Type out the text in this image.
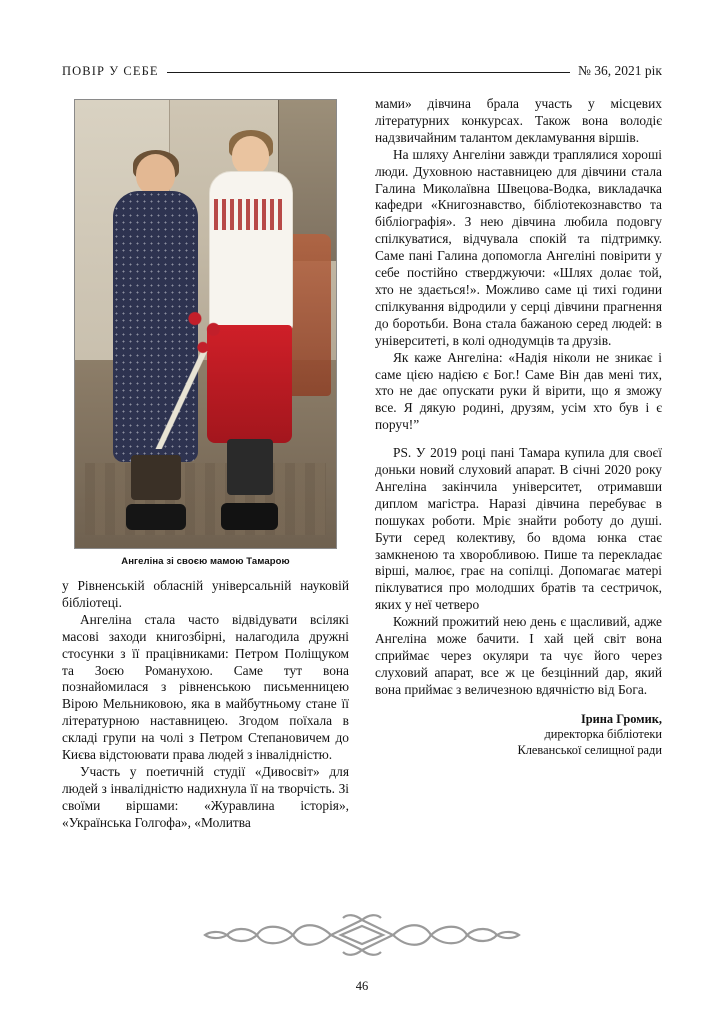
ПОВІР У СЕБЕ	№ 36, 2021 рік
Ангеліна зі своєю мамою Тамарою

у Рівненській обласній універсальній науковій бібліотеці.

Ангеліна стала часто відвідувати всілякі масові заходи книгозбірні, налагодила дружні стосунки з її працівниками: Петром Поліщуком та Зоєю Романухою. Саме тут вона познайомилася з рівненською письменницею Вірою Мельниковою, яка в майбутньому стане її літературною наставницею. Згодом поїхала в складі групи на чолі з Петром Степановичем до Києва відстоювати права людей з інвалідністю.

Участь у поетичній студії «Дивосвіт» для людей з інвалідністю надихнула її на творчість. Зі своїми віршами: «Журавлина історія», «Українська Голгофа», «Молитва

мами» дівчина брала участь у місцевих літературних конкурсах. Також вона володіє надзвичайним талантом декламування віршів.

На шляху Ангеліни завжди траплялися хороші люди. Духовною наставницею для дівчини стала Галина Миколаївна Швецова-Водка, викладачка кафедри «Книгознавство, бібліотекознавство та бібліографія». З нею дівчина любила подовгу спілкуватися, відчувала спокій та підтримку. Саме пані Галина допомогла Ангеліні повірити у себе постійно стверджуючи: «Шлях долає той, хто не здається!». Можливо саме ці тихі години спілкування відродили у серці дівчини прагнення до боротьби. Вона стала бажаною серед людей: в університеті, в колі однодумців та друзів.

Як каже Ангеліна: «Надія ніколи не зникає і саме цією надією є Бог.! Саме Він дав мені тих, хто не дає опускати руки й вірити, що я зможу все. Я дякую родині, друзям, усім хто був і є поруч!”

PS. У 2019 році пані Тамара купила для своєї доньки новий слуховий апарат. В січні 2020 року Ангеліна закінчила університет, отримавши диплом магістра. Наразі дівчина перебуває в пошуках роботи. Мріє знайти роботу до душі. Бути серед колективу, бо вдома юнка стає замкненою та хворобливою. Пише та перекладає вірші, малює, грає на сопілці. Допомагає матері піклуватися про молодших братів та сестричок, яких у неї четверо

Кожний прожитий нею день є щасливий, адже Ангеліна може бачити. І хай цей світ вона сприймає через окуляри та чує його через слуховий апарат, все ж це безцінний дар, який вона приймає з величезною вдячністю від Бога.

Ірина Громик,
директорка бібліотеки
Клеванської селищної ради
46
